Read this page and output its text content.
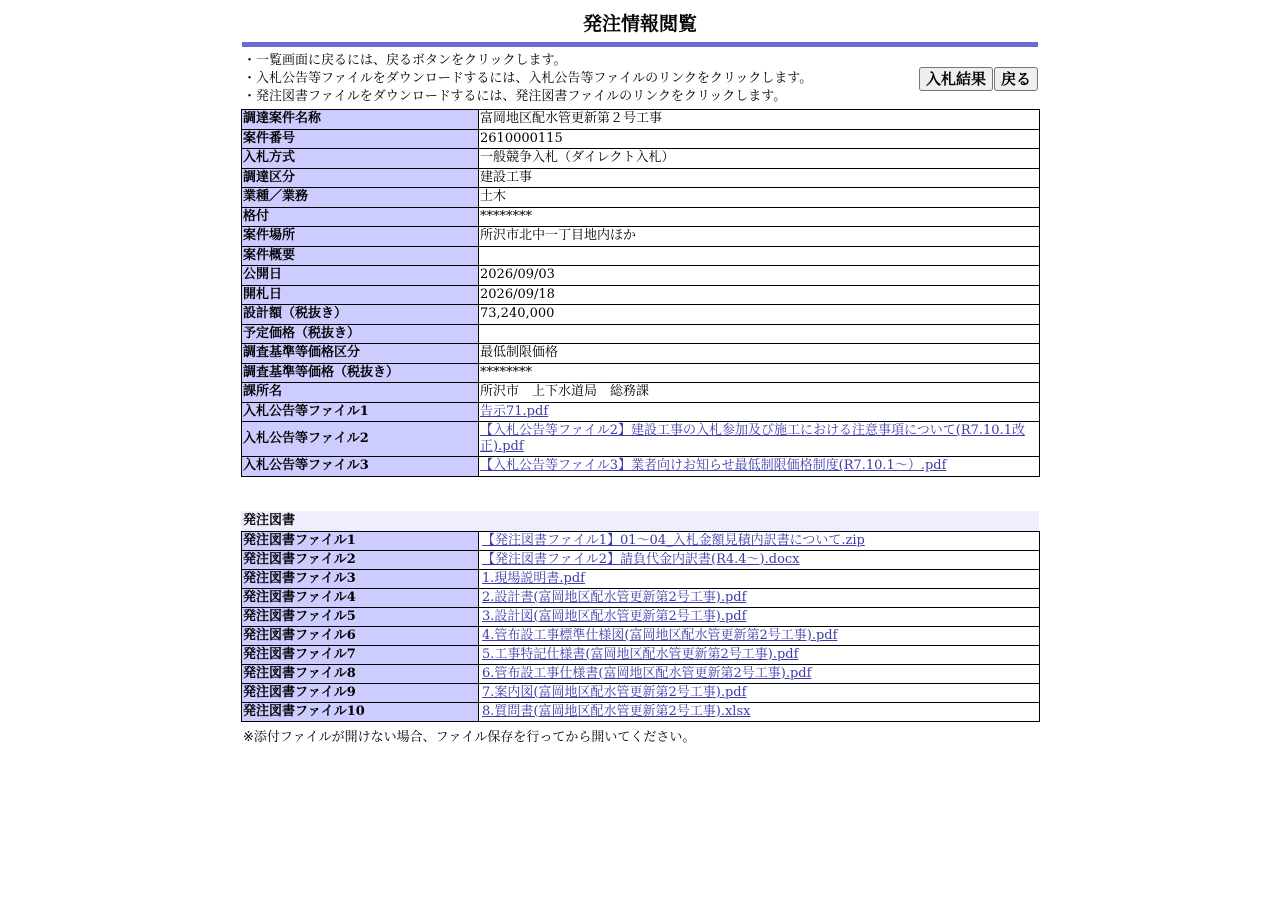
発注情報閲覧
・一覧画面に戻るには、戻るボタンをクリックします。
・入札公告等ファイルをダウンロードするには、入札公告等ファイルのリンクをクリックします。
・発注図書ファイルをダウンロードするには、発注図書ファイルのリンクをクリックします。
入札結果 戻る
調達案件名称	富岡地区配水管更新第２号工事
案件番号	2610000115
入札方式	一般競争入札（ダイレクト入札）
調達区分	建設工事
業種／業務	土木
格付	********
案件場所	所沢市北中一丁目地内ほか
案件概要	
公開日	2026/09/03
開札日	2026/09/18
設計額（税抜き）	73,240,000
予定価格（税抜き）	
調査基準等価格区分	最低制限価格
調査基準等価格（税抜き）	********
課所名	所沢市　上下水道局　総務課
入札公告等ファイル1	告示71.pdf
入札公告等ファイル2	【入札公告等ファイル2】建設工事の入札参加及び施工における注意事項について(R7.10.1改正).pdf
入札公告等ファイル3	【入札公告等ファイル3】業者向けお知らせ最低制限価格制度(R7.10.1～）.pdf
発注図書
発注図書ファイル1	【発注図書ファイル1】01～04_入札金額見積内訳書について.zip
発注図書ファイル2	【発注図書ファイル2】請負代金内訳書(R4.4～).docx
発注図書ファイル3	1.現場説明書.pdf
発注図書ファイル4	2.設計書(富岡地区配水管更新第2号工事).pdf
発注図書ファイル5	3.設計図(富岡地区配水管更新第2号工事).pdf
発注図書ファイル6	4.管布設工事標準仕様図(富岡地区配水管更新第2号工事).pdf
発注図書ファイル7	5.工事特記仕様書(富岡地区配水管更新第2号工事).pdf
発注図書ファイル8	6.管布設工事仕様書(富岡地区配水管更新第2号工事).pdf
発注図書ファイル9	7.案内図(富岡地区配水管更新第2号工事).pdf
発注図書ファイル10	8.質問書(富岡地区配水管更新第2号工事).xlsx
※添付ファイルが開けない場合、ファイル保存を行ってから開いてください。
